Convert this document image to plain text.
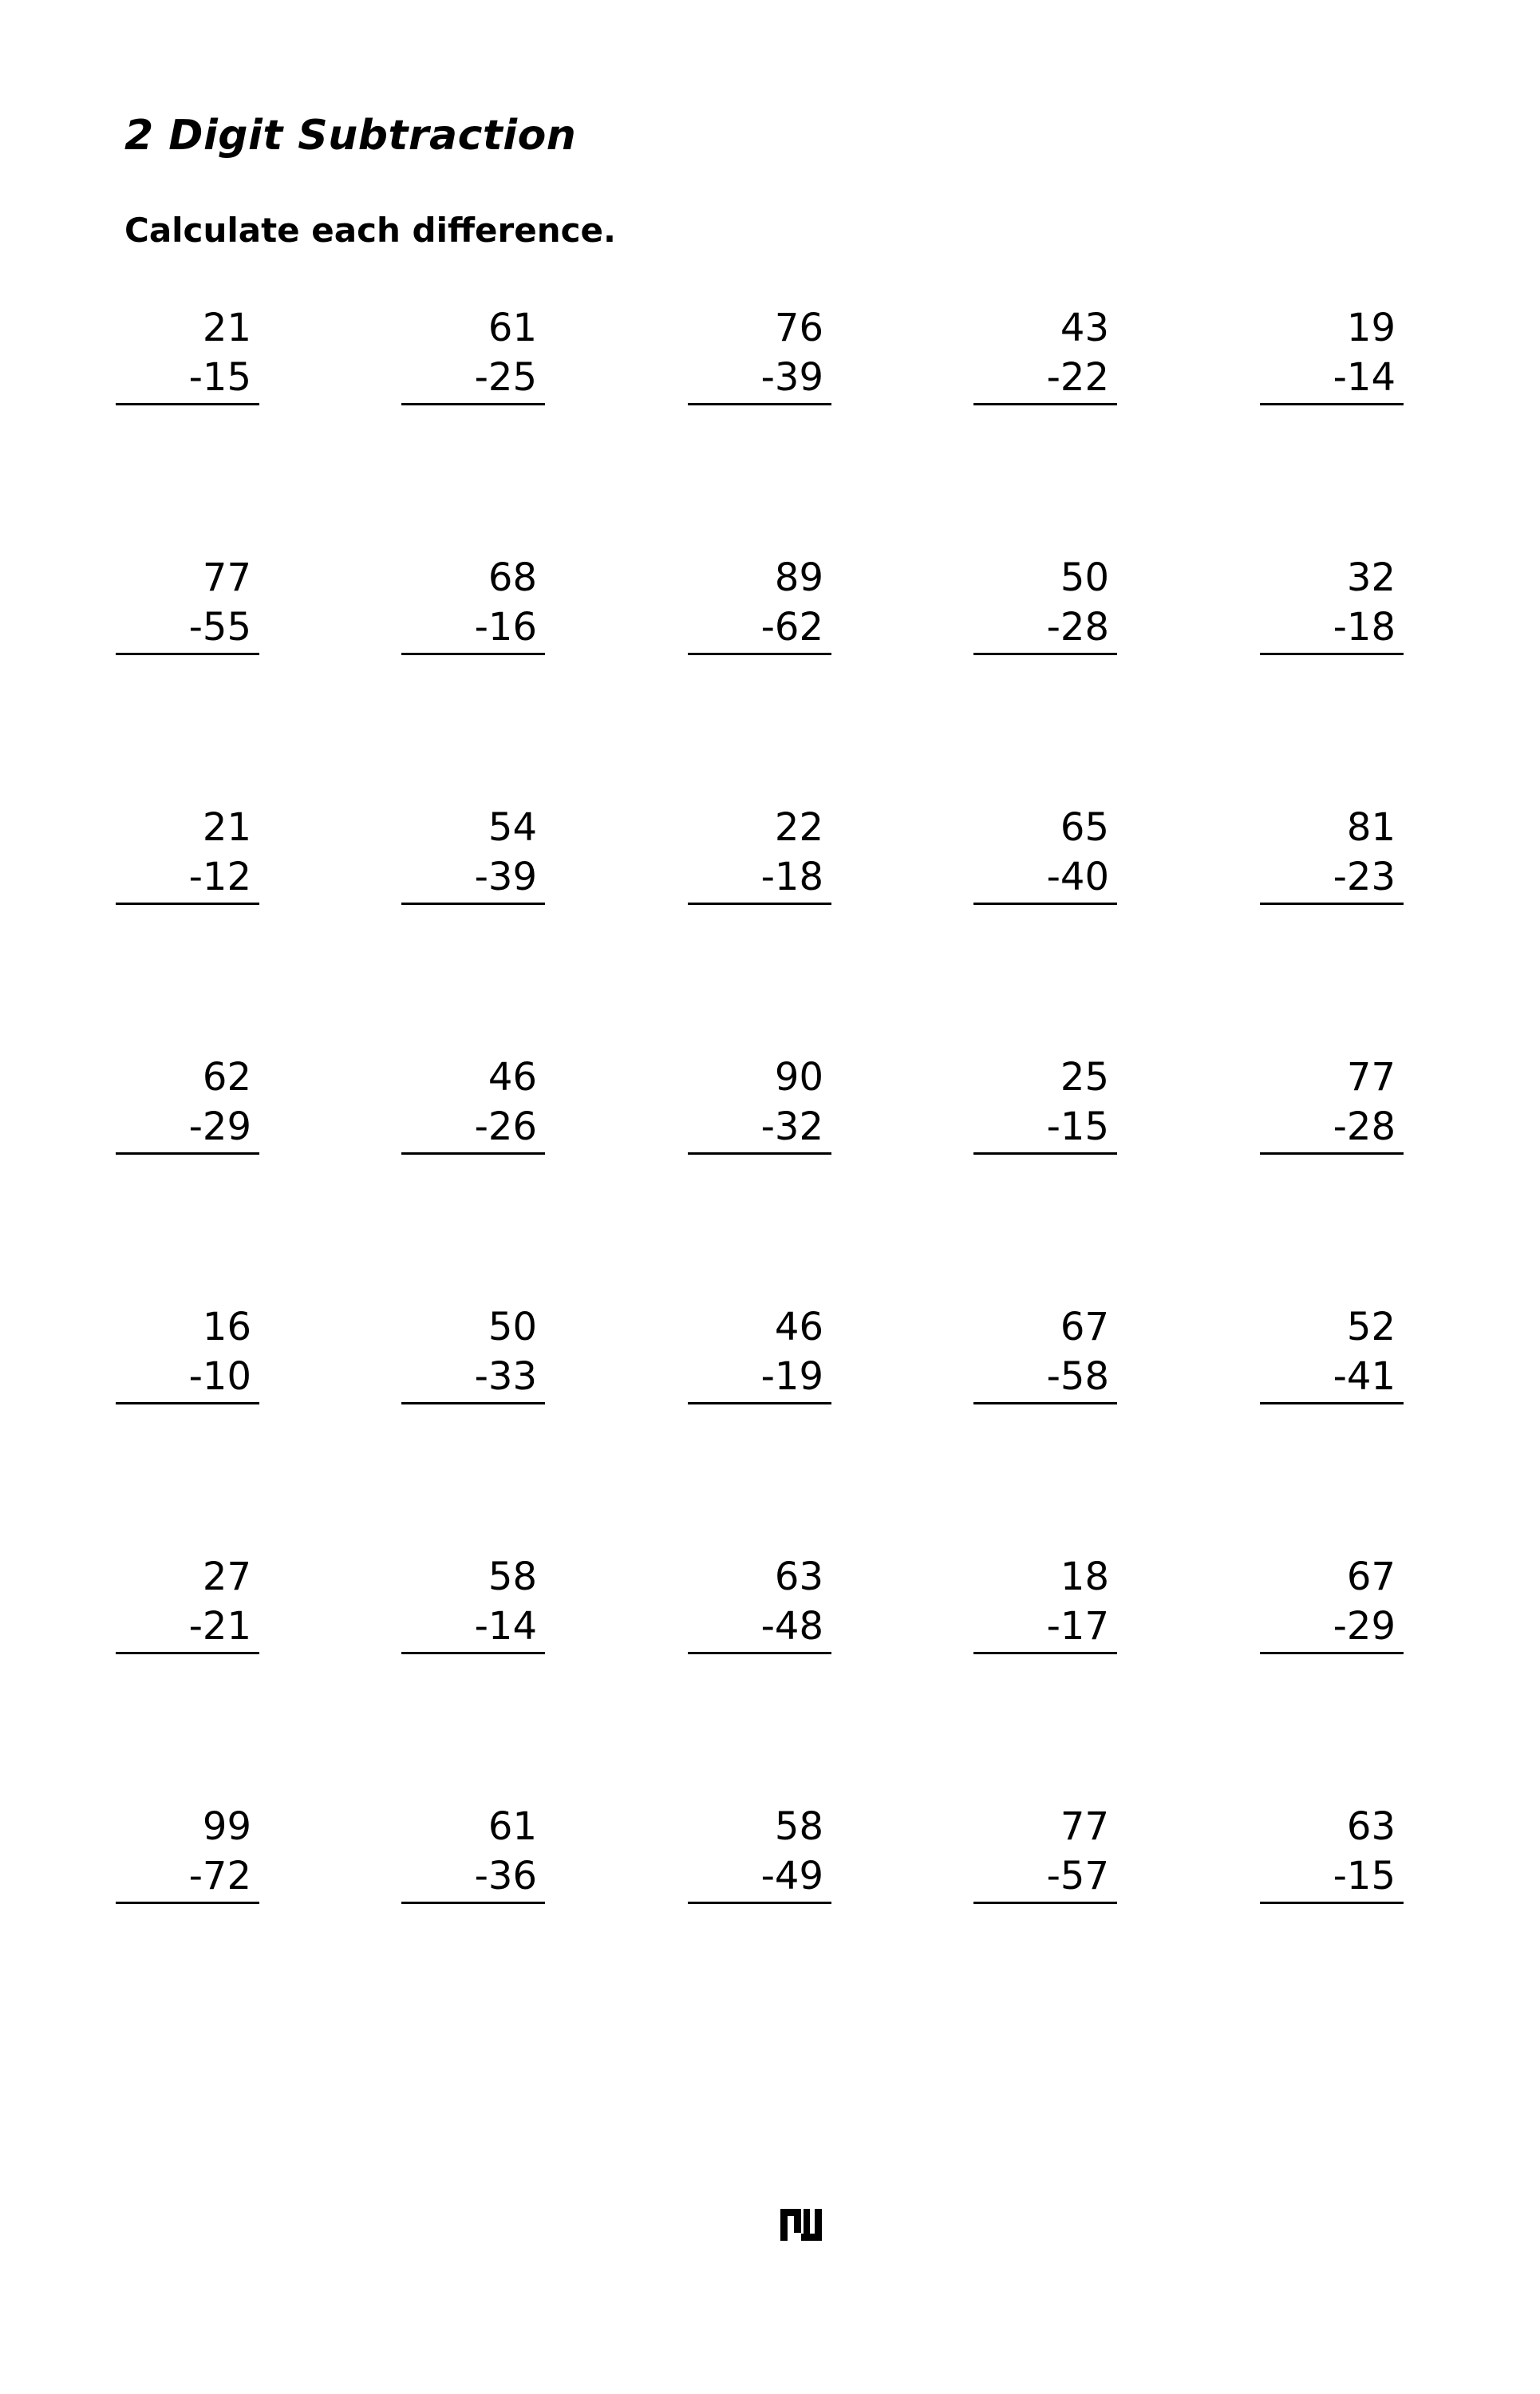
2 Digit Subtraction
Calculate each difference.
21
-15
61
-25
76
-39
43
-22
19
-14
77
-55
68
-16
89
-62
50
-28
32
-18
21
-12
54
-39
22
-18
65
-40
81
-23
62
-29
46
-26
90
-32
25
-15
77
-28
16
-10
50
-33
46
-19
67
-58
52
-41
27
-21
58
-14
63
-48
18
-17
67
-29
99
-72
61
-36
58
-49
77
-57
63
-15
